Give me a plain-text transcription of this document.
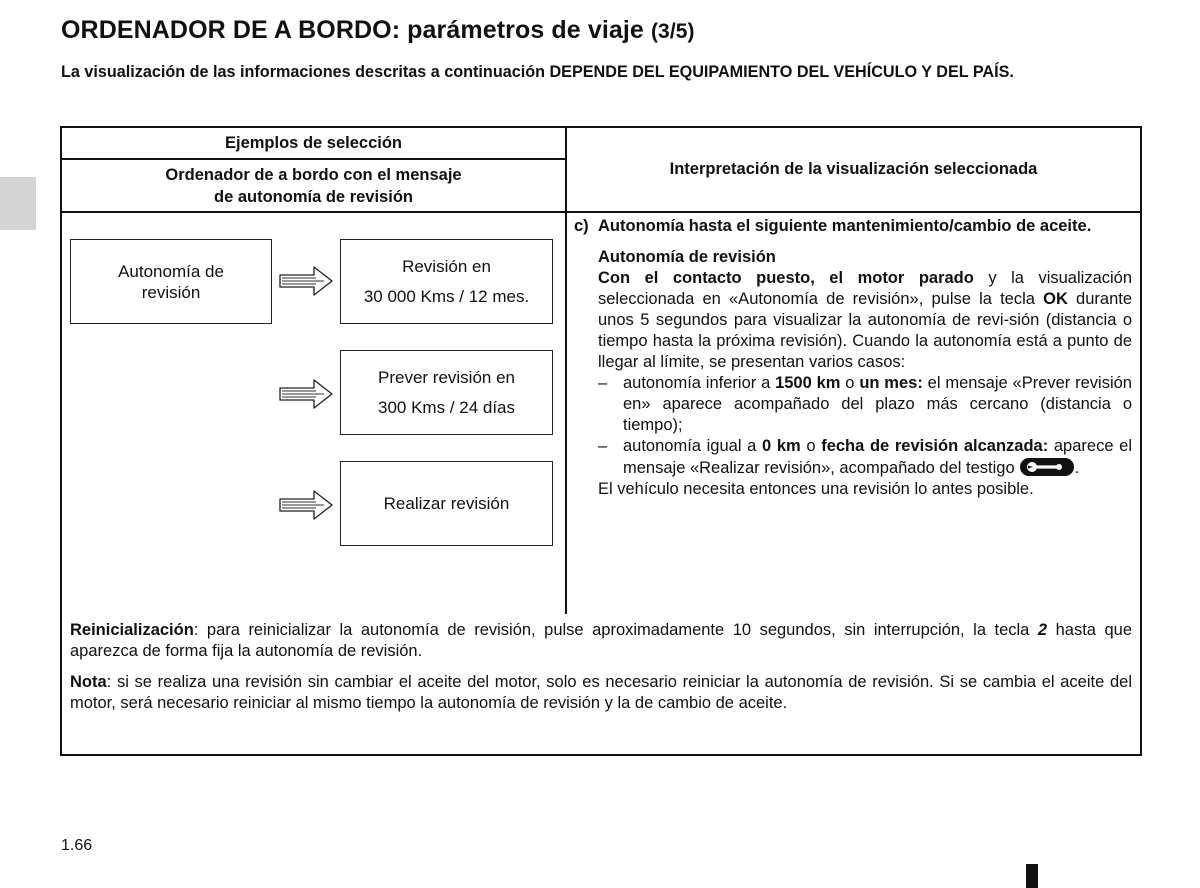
ORDENADOR DE A BORDO: parámetros de viaje (3/5)

La visualización de las informaciones descritas a continuación DEPENDE DEL EQUIPAMIENTO DEL VEHÍCULO Y DEL PAÍS.

Ejemplos de selección
Ordenador de a bordo con el mensaje
de autonomía de revisión
Interpretación de la visualización seleccionada
Autonomía de
revisión
Revisión en
30 000 Kms / 12 mes.
Prever revisión en
300 Kms / 24 días
Realizar revisión
c) Autonomía hasta el siguiente mantenimiento/cambio de aceite.

Autonomía de revisión

Con el contacto puesto, el motor parado y la visualización seleccionada en «Autonomía de revisión», pulse la tecla OK durante unos 5 segundos para visualizar la autonomía de revi-sión (distancia o tiempo hasta la próxima revisión). Cuando la autonomía está a punto de llegar al límite, se presentan varios casos:

– autonomía inferior a 1500 km o un mes: el mensaje «Prever revisión en» aparece acompañado del plazo más cercano (distancia o tiempo);
– autonomía igual a 0 km o fecha de revisión alcanzada: aparece el mensaje «Realizar revisión», acompañado del testigo	.

El vehículo necesita entonces una revisión lo antes posible.

Reinicialización: para reinicializar la autonomía de revisión, pulse aproximadamente 10 segundos, sin interrupción, la tecla 2 hasta que aparezca de forma fija la autonomía de revisión.

Nota: si se realiza una revisión sin cambiar el aceite del motor, solo es necesario reiniciar la autonomía de revisión. Si se cambia el aceite del motor, será necesario reiniciar al mismo tiempo la autonomía de revisión y la de cambio de aceite.

1.66
